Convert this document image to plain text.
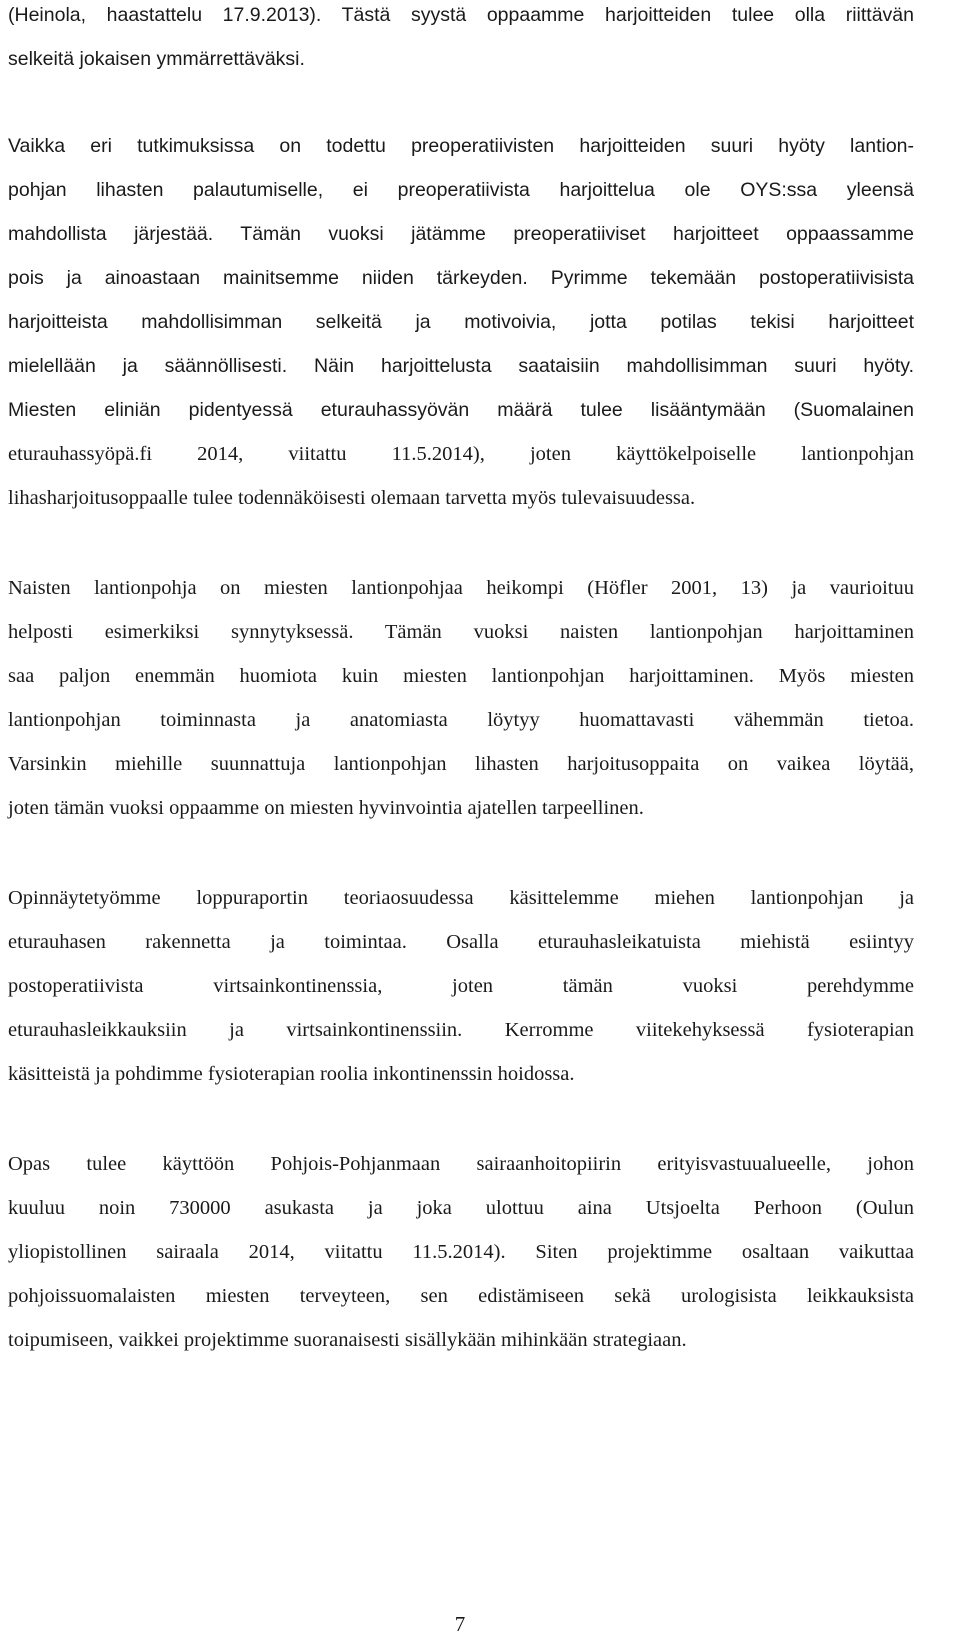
(Heinola, haastattelu 17.9.2013). Tästä syystä oppaamme harjoitteiden tulee olla riittävän
selkeitä jokaisen ymmärrettäväksi.
Vaikka eri tutkimuksissa on todettu preoperatiivisten harjoitteiden suuri hyöty lantion-
pohjan lihasten palautumiselle, ei preoperatiivista harjoittelua ole OYS:ssa yleensä
mahdollista järjestää. Tämän vuoksi jätämme preoperatiiviset harjoitteet oppaassamme
pois ja ainoastaan mainitsemme niiden tärkeyden. Pyrimme tekemään postoperatiivisista
harjoitteista mahdollisimman selkeitä ja motivoivia, jotta potilas tekisi harjoitteet
mielellään ja säännöllisesti. Näin harjoittelusta saataisiin mahdollisimman suuri hyöty.
Miesten eliniän pidentyessä eturauhassyövän määrä tulee lisääntymään (Suomalainen
eturauhassyöpä.fi 2014, viitattu 11.5.2014), joten käyttökelpoiselle lantionpohjan
lihasharjoitusoppaalle tulee todennäköisesti olemaan tarvetta myös tulevaisuudessa.
Naisten lantionpohja on miesten lantionpohjaa heikompi (Höfler 2001, 13) ja vaurioituu
helposti esimerkiksi synnytyksessä. Tämän vuoksi naisten lantionpohjan harjoittaminen
saa paljon enemmän huomiota kuin miesten lantionpohjan harjoittaminen. Myös miesten
lantionpohjan toiminnasta ja anatomiasta löytyy huomattavasti vähemmän tietoa.
Varsinkin miehille suunnattuja lantionpohjan lihasten harjoitusoppaita on vaikea löytää,
joten tämän vuoksi oppaamme on miesten hyvinvointia ajatellen tarpeellinen.
Opinnäytetyömme loppuraportin teoriaosuudessa käsittelemme miehen lantionpohjan ja
eturauhasen rakennetta ja toimintaa. Osalla eturauhasleikatuista miehistä esiintyy
postoperatiivista virtsainkontinenssia, joten tämän vuoksi perehdymme
eturauhasleikkauksiin ja virtsainkontinenssiin. Kerromme viitekehyksessä fysioterapian
käsitteistä ja pohdimme fysioterapian roolia inkontinenssin hoidossa.
Opas tulee käyttöön Pohjois-Pohjanmaan sairaanhoitopiirin erityisvastuualueelle, johon
kuuluu noin 730000 asukasta ja joka ulottuu aina Utsjoelta Perhoon (Oulun
yliopistollinen sairaala 2014, viitattu 11.5.2014). Siten projektimme osaltaan vaikuttaa
pohjoissuomalaisten miesten terveyteen, sen edistämiseen sekä urologisista leikkauksista
toipumiseen, vaikkei projektimme suoranaisesti sisällykään mihinkään strategiaan.
7
